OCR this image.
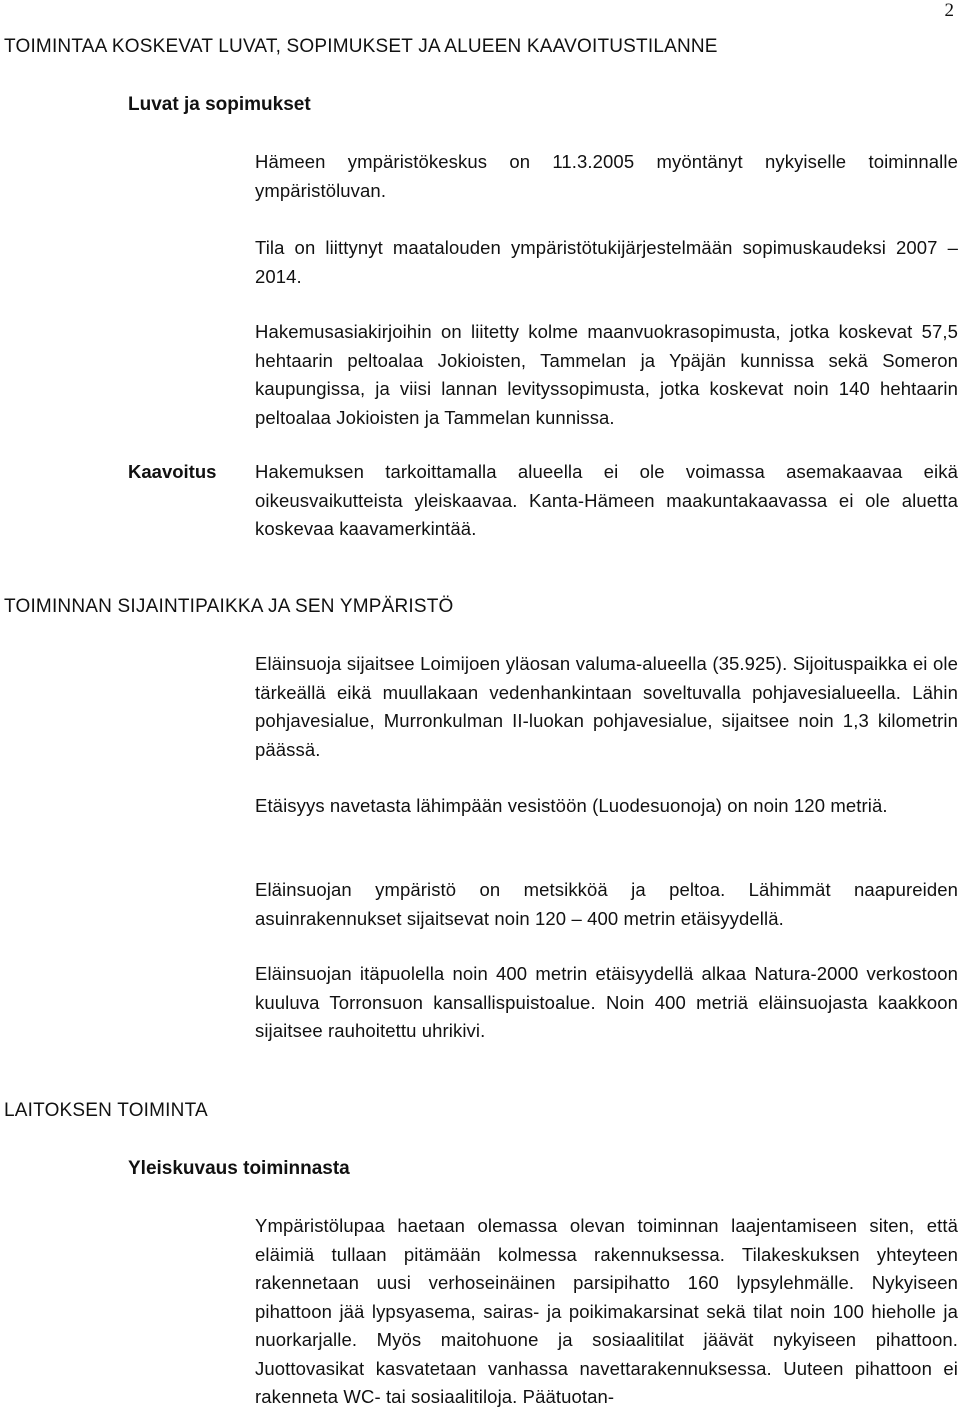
2
TOIMINTAA KOSKEVAT LUVAT, SOPIMUKSET JA ALUEEN KAAVOITUSTILANNE
Luvat ja sopimukset

Hämeen ympäristökeskus on 11.3.2005 myöntänyt nykyiselle toiminnalle ympäristöluvan.

Tila on liittynyt maatalouden ympäristötukijärjestelmään sopimuskaudeksi 2007 – 2014.

Hakemusasiakirjoihin on liitetty kolme maanvuokrasopimusta, jotka koskevat 57,5 hehtaarin peltoalaa Jokioisten, Tammelan ja Ypäjän kunnissa sekä Someron kaupungissa, ja viisi lannan levityssopimusta, jotka koskevat noin 140 hehtaarin peltoalaa Jokioisten ja Tammelan kunnissa.

Kaavoitus Hakemuksen tarkoittamalla alueella ei ole voimassa asemakaavaa eikä oikeusvaikutteista yleiskaavaa. Kanta-Hämeen maakuntakaavassa ei ole aluetta koskevaa kaavamerkintää.

TOIMINNAN SIJAINTIPAIKKA JA SEN YMPÄRISTÖ

Eläinsuoja sijaitsee Loimijoen yläosan valuma-alueella (35.925). Sijoituspaikka ei ole tärkeällä eikä muullakaan vedenhankintaan soveltuvalla pohjavesialueella. Lähin pohjavesialue, Murronkulman II-luokan pohjavesialue, sijaitsee noin 1,3 kilometrin päässä.

Etäisyys navetasta lähimpään vesistöön (Luodesuonoja) on noin 120 metriä.

Eläinsuojan ympäristö on metsikköä ja peltoa. Lähimmät naapureiden asuinrakennukset sijaitsevat noin 120 – 400 metrin etäisyydellä.

Eläinsuojan itäpuolella noin 400 metrin etäisyydellä alkaa Natura-2000 verkostoon kuuluva Torronsuon kansallispuistoalue. Noin 400 metriä eläinsuojasta kaakkoon sijaitsee rauhoitettu uhrikivi.

LAITOKSEN TOIMINTA
Yleiskuvaus toiminnasta

Ympäristölupaa haetaan olemassa olevan toiminnan laajentamiseen siten, että eläimiä tullaan pitämään kolmessa rakennuksessa. Tilakeskuksen yhteyteen rakennetaan uusi verhoseinäinen parsipihatto 160 lypsylehmälle. Nykyiseen pihattoon jää lypsyasema, sairas- ja poikimakarsinat sekä tilat noin 100 hieholle ja nuorkarjalle. Myös maitohuone ja sosiaalitilat jäävät nykyiseen pihattoon. Juottovasikat kasvatetaan vanhassa navettarakennuksessa. Uuteen pihattoon ei rakenneta WC- tai sosiaalitiloja. Päätuotan-
